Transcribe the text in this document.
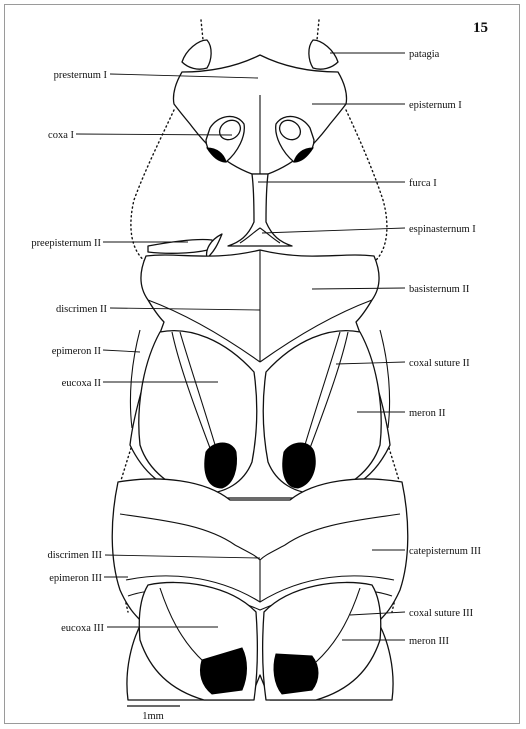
15
presternum I
coxa I
preepisternum II
discrimen II
epimeron II
eucoxa II
discrimen III
epimeron III
eucoxa III
patagia
episternum I
furca I
espinasternum I
basisternum II
coxal suture II
meron II
catepisternum III
coxal suture III
meron III
1mm
